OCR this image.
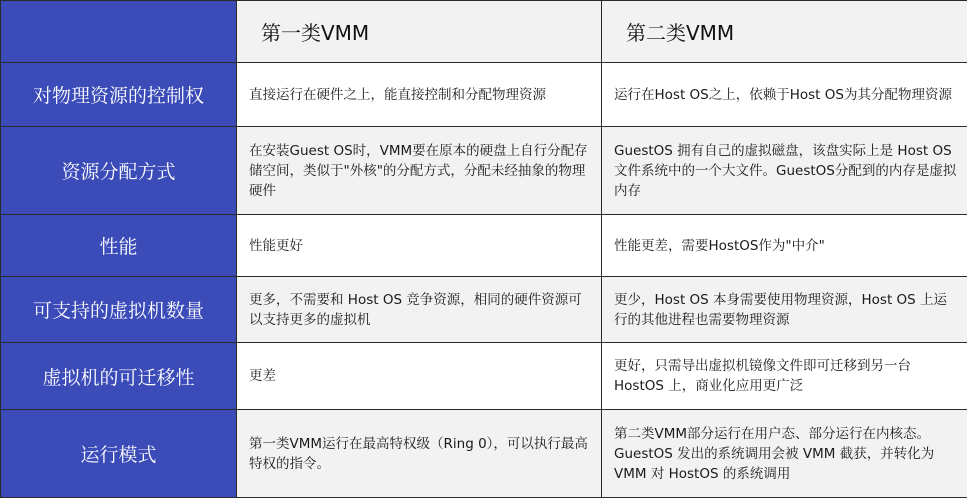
	第一类VMM	第二类VMM
对物理资源的控制权	直接运行在硬件之上，能直接控制和分配物理资源	运行在Host OS之上，依赖于Host OS为其分配物理资源
资源分配方式	在安装Guest OS时，VMM要在原本的硬盘上自行分配存储空间，类似于"外核"的分配方式，分配未经抽象的物理硬件	GuestOS 拥有自己的虚拟磁盘，该盘实际上是 Host OS 文件系统中的一个大文件。GuestOS分配到的内存是虚拟内存
性能	性能更好	性能更差，需要HostOS作为"中介"
可支持的虚拟机数量	更多，不需要和 Host OS 竞争资源，相同的硬件资源可以支持更多的虚拟机	更少，Host OS 本身需要使用物理资源，Host OS 上运行的其他进程也需要物理资源
虚拟机的可迁移性	更差	更好，只需导出虚拟机镜像文件即可迁移到另一台 HostOS 上，商业化应用更广泛
运行模式	第一类VMM运行在最高特权级（Ring 0），可以执行最高特权的指令。	第二类VMM部分运行在用户态、部分运行在内核态。GuestOS 发出的系统调用会被 VMM 截获，并转化为 VMM 对 HostOS 的系统调用
